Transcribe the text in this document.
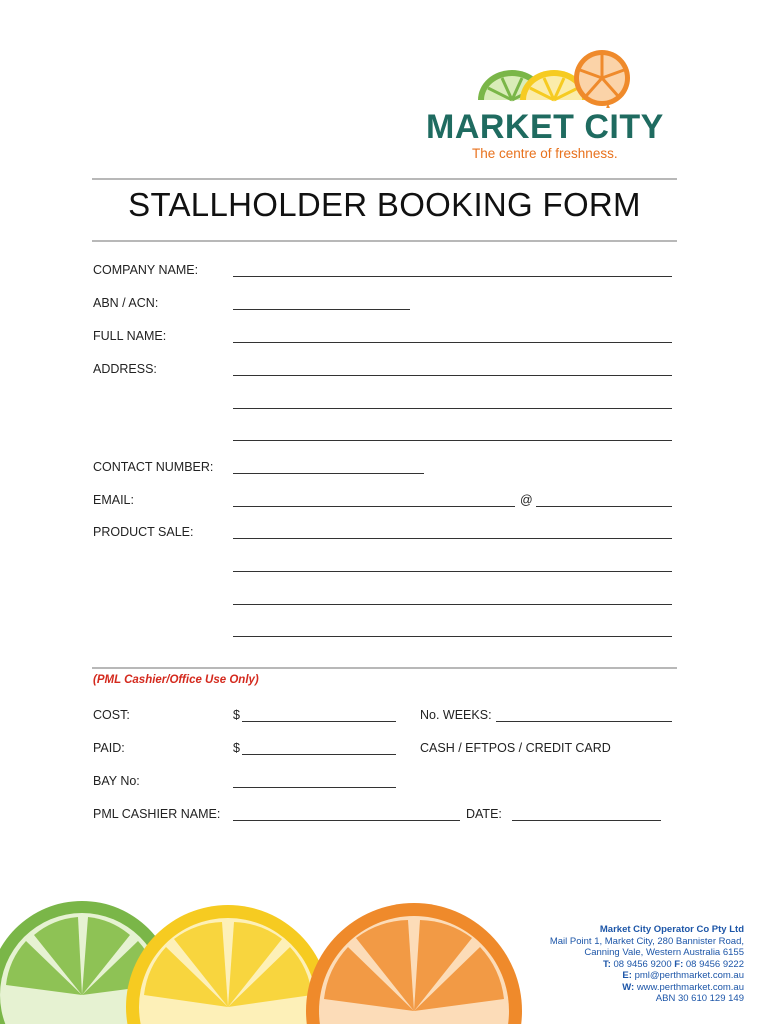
MARKET CITY
The centre of freshness.
STALLHOLDER BOOKING FORM
COMPANY NAME:
ABN / ACN:
FULL NAME:
ADDRESS:
CONTACT NUMBER:
EMAIL:	@
PRODUCT SALE:
(PML Cashier/Office Use Only)
COST:	$	No. WEEKS:
PAID:	$	CASH / EFTPOS / CREDIT CARD
BAY No:
PML CASHIER NAME:	DATE:
Market City Operator Co Pty Ltd
Mail Point 1, Market City, 280 Bannister Road,
Canning Vale, Western Australia 6155
T: 08 9456 9200 F: 08 9456 9222
E: pml@perthmarket.com.au
W: www.perthmarket.com.au
ABN 30 610 129 149
